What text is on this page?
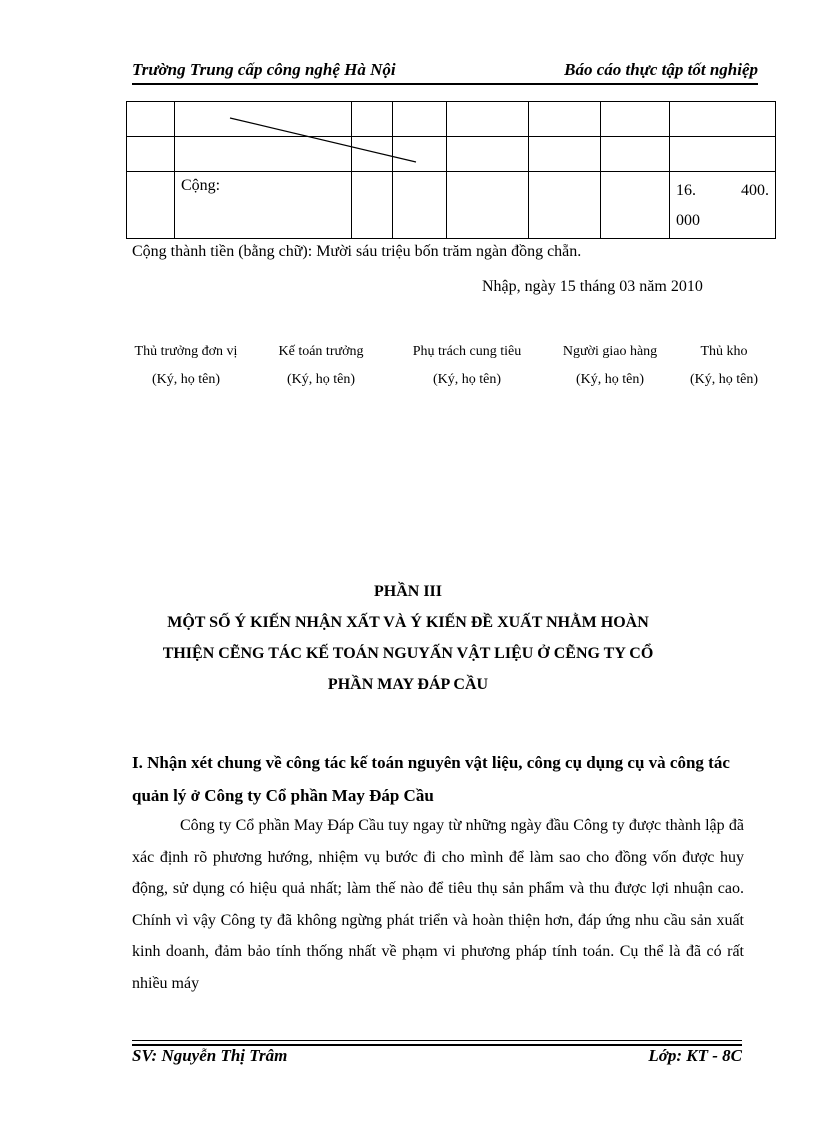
Trường Trung cấp công nghệ Hà Nội	Báo cáo thực tập tốt nghiệp

	Cộng:						16. 400.
000
Cộng thành tiền (bằng chữ): Mười sáu triệu bốn trăm ngàn đồng chẵn.
Nhập, ngày 15 tháng 03 năm 2010
Thủ trưởng đơn vị
(Ký, họ tên)
Kế toán trưởng
(Ký, họ tên)
Phụ trách cung tiêu
(Ký, họ tên)
Người giao hàng
(Ký, họ tên)
Thủ kho
(Ký, họ tên)
PHẦN III
MỘT SỐ Ý KIẾN NHẬN XẤT VÀ Ý KIẾN ĐỀ XUẤT NHẰM HOÀN
THIỆN CẼNG TÁC KẾ TOÁN NGUYẤN VẬT LIỆU Ở CẼNG TY CỔ
PHẦN MAY ĐÁP CẦU
I. Nhận xét chung về công tác kế toán nguyên vật liệu, công cụ dụng cụ và công tác quản lý ở Công ty Cổ phần May Đáp Cầu

Công ty Cổ phần May Đáp Cầu tuy ngay từ những ngày đầu Công ty được thành lập đã xác định rõ phương hướng, nhiệm vụ bước đi cho mình để làm sao cho đồng vốn được huy động, sử dụng có hiệu quả nhất; làm thế nào để tiêu thụ sản phẩm và thu được lợi nhuận cao. Chính vì vậy Công ty đã không ngừng phát triển và hoàn thiện hơn, đáp ứng nhu cầu sản xuất kinh doanh, đảm bảo tính thống nhất về phạm vi phương pháp tính toán. Cụ thể là đã có rất nhiều máy

SV: Nguyễn Thị Trâm	Lớp: KT - 8C
